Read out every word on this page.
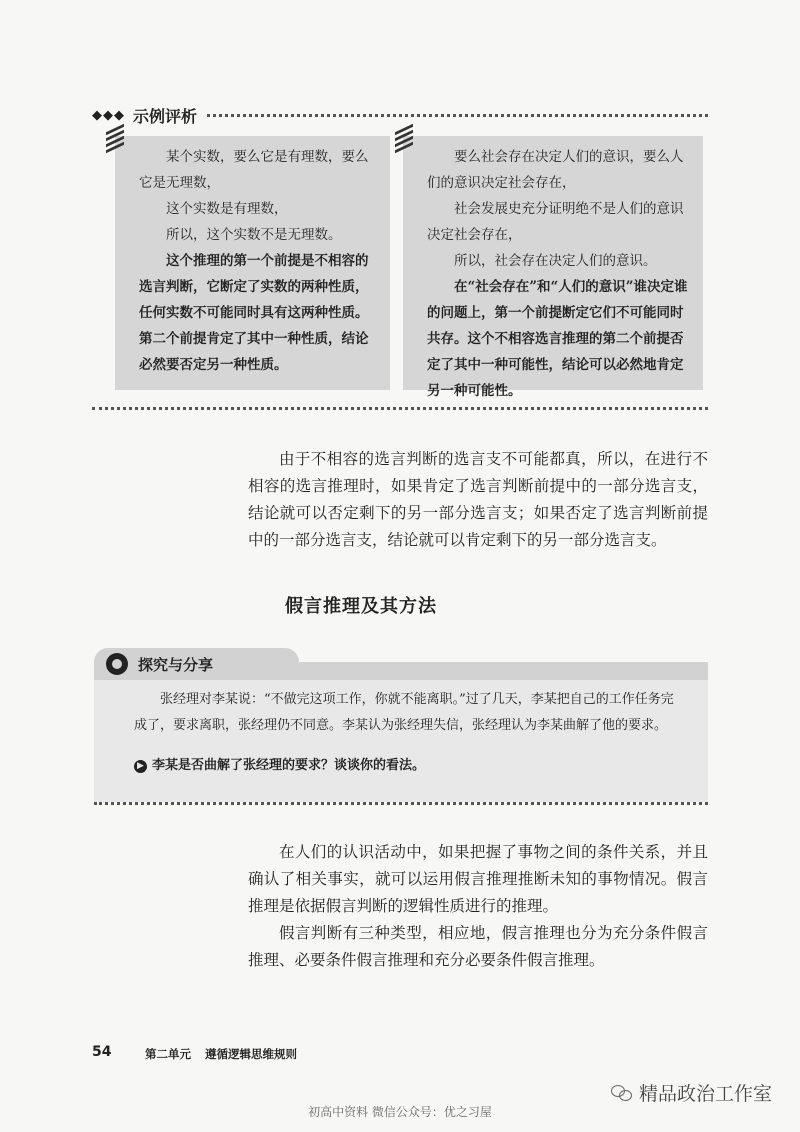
◆◆◆ 示例评析

某个实数，要么它是有理数，要么它是无理数，

这个实数是有理数，

所以，这个实数不是无理数。

这个推理的第一个前提是不相容的选言判断，它断定了实数的两种性质，任何实数不可能同时具有这两种性质。第二个前提肯定了其中一种性质，结论必然要否定另一种性质。

要么社会存在决定人们的意识，要么人们的意识决定社会存在，

社会发展史充分证明绝不是人们的意识决定社会存在，

所以，社会存在决定人们的意识。

在“社会存在”和“人们的意识”谁决定谁的问题上，第一个前提断定它们不可能同时共存。这个不相容选言推理的第二个前提否定了其中一种可能性，结论可以必然地肯定另一种可能性。

由于不相容的选言判断的选言支不可能都真，所以，在进行不相容的选言推理时，如果肯定了选言判断前提中的一部分选言支，结论就可以否定剩下的另一部分选言支；如果否定了选言判断前提中的一部分选言支，结论就可以肯定剩下的另一部分选言支。

假言推理及其方法
探究与分享

张经理对李某说：“不做完这项工作，你就不能离职。”过了几天，李某把自己的工作任务完成了，要求离职，张经理仍不同意。李某认为张经理失信，张经理认为李某曲解了他的要求。

▶ 李某是否曲解了张经理的要求？谈谈你的看法。

在人们的认识活动中，如果把握了事物之间的条件关系，并且确认了相关事实，就可以运用假言推理推断未知的事物情况。假言推理是依据假言判断的逻辑性质进行的推理。

假言判断有三种类型，相应地，假言推理也分为充分条件假言推理、必要条件假言推理和充分必要条件假言推理。

54	第二单元 遵循逻辑思维规则
精品政治工作室
初高中资料 微信公众号：优之习屋
